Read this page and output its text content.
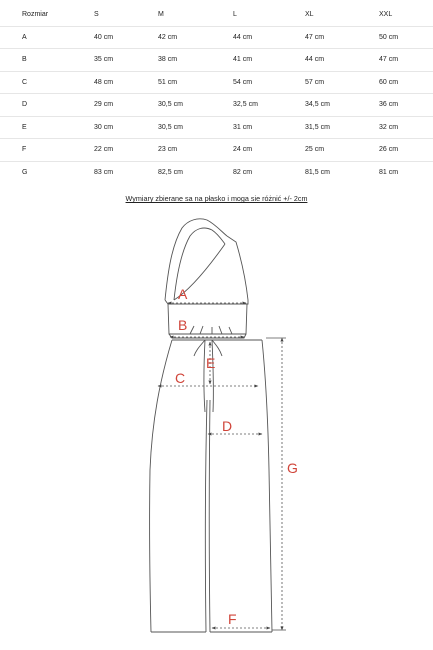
Rozmiar	S	M	L	XL	XXL
A	40 cm	42 cm	44 cm	47 cm	50 cm
B	35 cm	38 cm	41 cm	44 cm	47 cm
C	48 cm	51 cm	54 cm	57 cm	60 cm
D	29 cm	30,5 cm	32,5 cm	34,5 cm	36 cm
E	30 cm	30,5 cm	31 cm	31,5 cm	32 cm
F	22 cm	23 cm	24 cm	25 cm	26 cm
G	83 cm	82,5 cm	82 cm	81,5 cm	81 cm
Wymiary zbierane sa na płasko i moga sie różnić +/- 2cm
A
B
C
D
E
F
G
